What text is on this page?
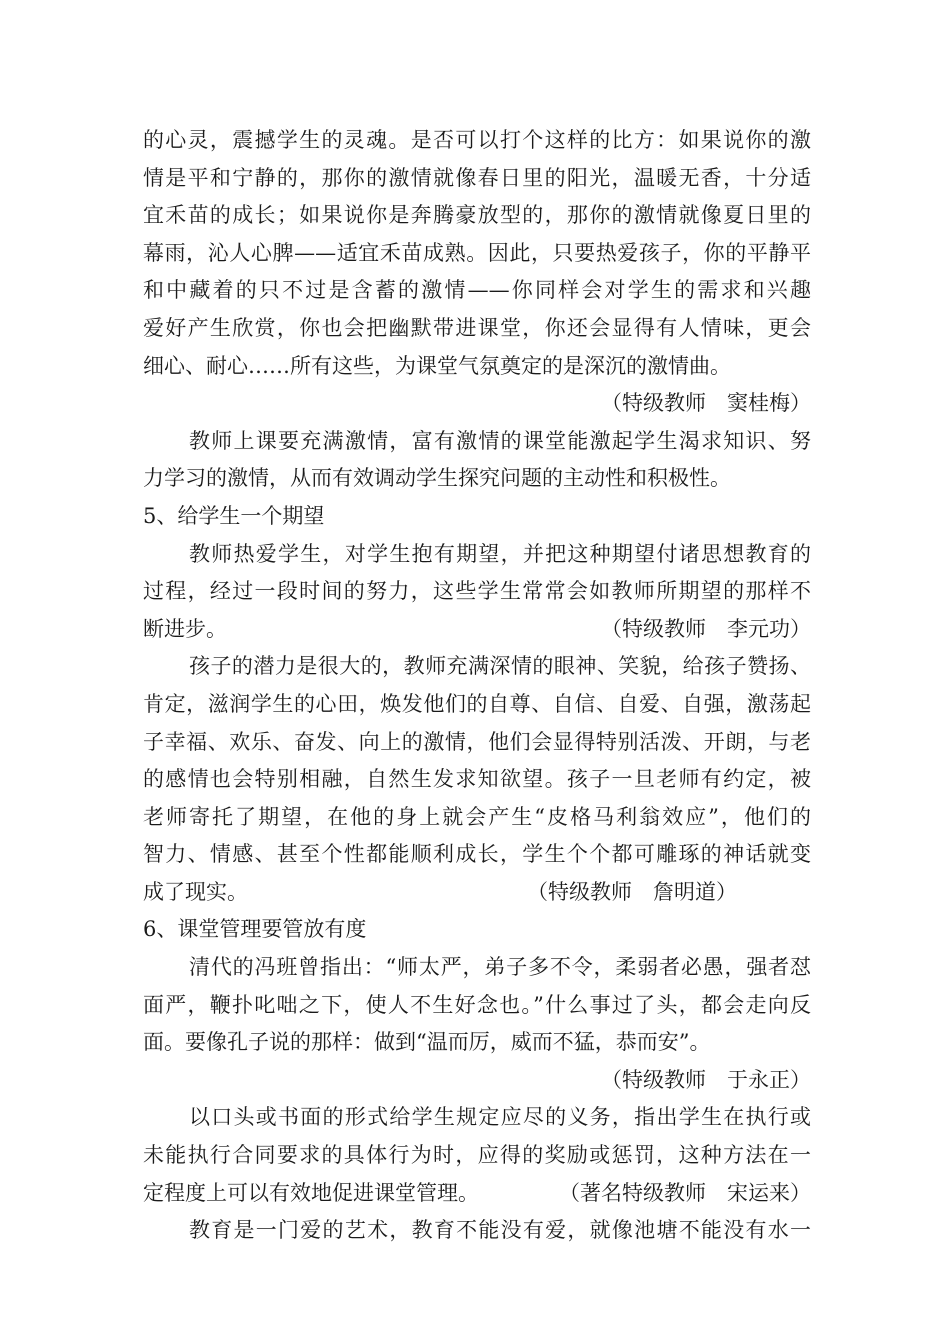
的心灵，震撼学生的灵魂。是否可以打个这样的比方：如果说你的激
情是平和宁静的，那你的激情就像春日里的阳光，温暖无香，十分适
宜禾苗的成长；如果说你是奔腾豪放型的，那你的激情就像夏日里的
幕雨，沁人心脾——适宜禾苗成熟。因此，只要热爱孩子，你的平静平
和中藏着的只不过是含蓄的激情——你同样会对学生的需求和兴趣
爱好产生欣赏，你也会把幽默带进课堂，你还会显得有人情味，更会
细心、耐心……所有这些，为课堂气氛奠定的是深沉的激情曲。
（特级教师　窦桂梅）
教师上课要充满激情，富有激情的课堂能激起学生渴求知识、努
力学习的激情，从而有效调动学生探究问题的主动性和积极性。
5、给学生一个期望
教师热爱学生，对学生抱有期望，并把这种期望付诸思想教育的
过程，经过一段时间的努力，这些学生常常会如教师所期望的那样不
断进步。	（特级教师　李元功）
孩子的潜力是很大的，教师充满深情的眼神、笑貌，给孩子赞扬、
肯定，滋润学生的心田，焕发他们的自尊、自信、自爱、自强，激荡起
子幸福、欢乐、奋发、向上的激情，他们会显得特别活泼、开朗，与老
的感情也会特别相融，自然生发求知欲望。孩子一旦老师有约定，被
老师寄托了期望，在他的身上就会产生“皮格马利翁效应”，他们的
智力、情感、甚至个性都能顺利成长，学生个个都可雕琢的神话就变
成了现实。	（特级教师　詹明道）
6、课堂管理要管放有度
清代的冯班曾指出：“师太严，弟子多不令，柔弱者必愚，强者怼
面严，鞭扑叱咄之下，使人不生好念也。”什么事过了头，都会走向反
面。要像孔子说的那样：做到“温而厉，威而不猛，恭而安”。
（特级教师　于永正）
以口头或书面的形式给学生规定应尽的义务，指出学生在执行或
未能执行合同要求的具体行为时，应得的奖励或惩罚，这种方法在一
定程度上可以有效地促进课堂管理。	（著名特级教师　宋运来）
教育是一门爱的艺术，教育不能没有爱，就像池塘不能没有水一
